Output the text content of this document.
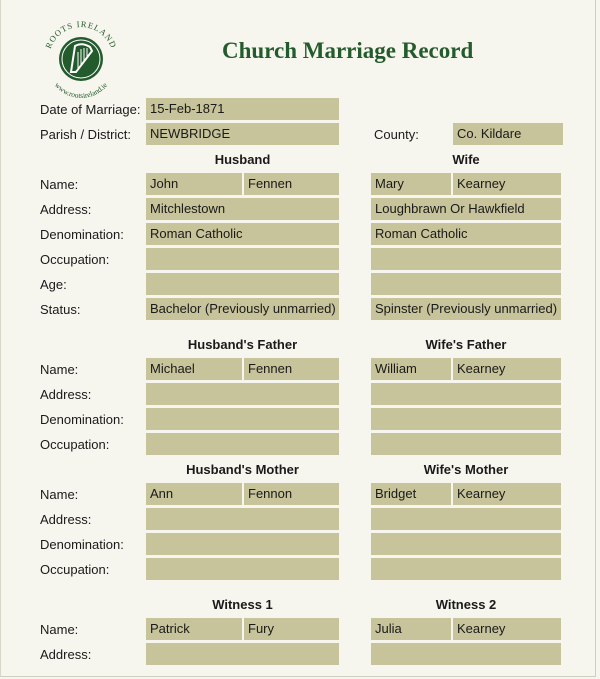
ROOTS IRELAND
www.rootsireland.ie
Church Marriage Record
Date of Marriage: 15-Feb-1871
Parish / District:	NEWBRIDGE	County:	Co. Kildare
Husband	Wife
Name:	John	Fennen	Mary	Kearney
Address:	Mitchlestown	Loughbrawn Or Hawkfield
Denomination:	Roman Catholic	Roman Catholic
Occupation:
Age:
Status:	Bachelor (Previously unmarried)	Spinster (Previously unmarried)
Husband's Father	Wife's Father
Name:	Michael	Fennen	William	Kearney
Address:
Denomination:
Occupation:
Husband's Mother	Wife's Mother
Name:	Ann	Fennon	Bridget	Kearney
Address:
Denomination:
Occupation:
Witness 1	Witness 2
Name:	Patrick	Fury	Julia	Kearney
Address:
